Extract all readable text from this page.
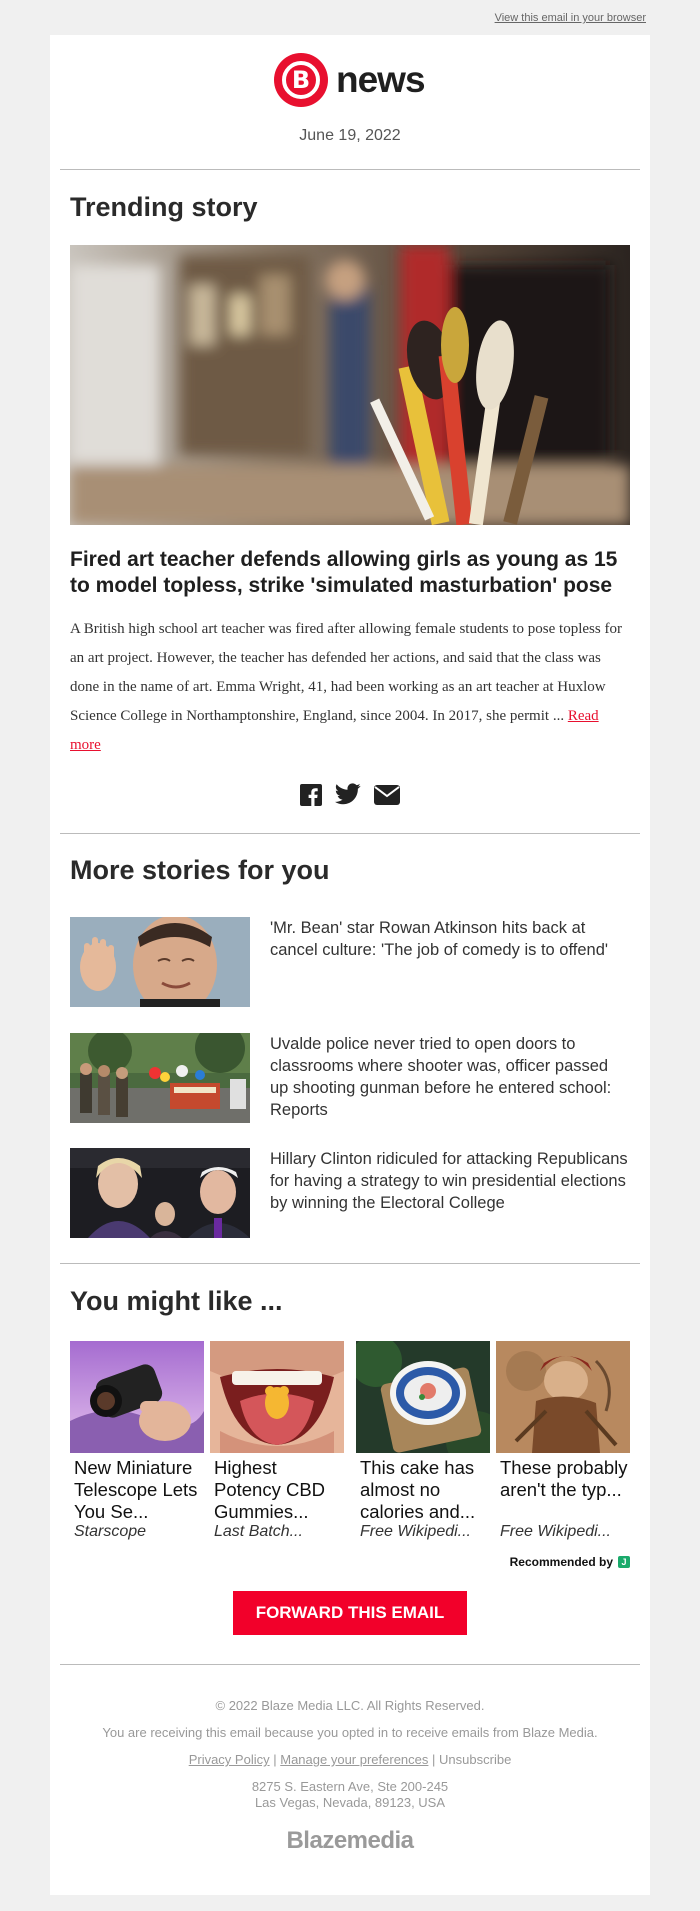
View this email in your browser
B news
June 19, 2022
Trending story
Fired art teacher defends allowing girls as young as 15 to model topless, strike 'simulated masturbation' pose
A British high school art teacher was fired after allowing female students to pose topless for an art project. However, the teacher has defended her actions, and said that the class was done in the name of art. Emma Wright, 41, had been working as an art teacher at Huxlow Science College in Northamptonshire, England, since 2004. In 2017, she permit ... Read more
More stories for you
'Mr. Bean' star Rowan Atkinson hits back at cancel culture: 'The job of comedy is to offend'
Uvalde police never tried to open doors to classrooms where shooter was, officer passed up shooting gunman before he entered school: Reports
Hillary Clinton ridiculed for attacking Republicans for having a strategy to win presidential elections by winning the Electoral College
You might like ...
New Miniature Telescope Lets You Se...
Starscope
Highest Potency CBD Gummies...
Last Batch...
This cake has almost no calories and...
Free Wikipedi...
These probably aren't the typ...
Free Wikipedi...
Recommended by J
FORWARD THIS EMAIL
© 2022 Blaze Media LLC. All Rights Reserved.
You are receiving this email because you opted in to receive emails from Blaze Media.
Privacy Policy | Manage your preferences | Unsubscribe
8275 S. Eastern Ave, Ste 200-245
Las Vegas, Nevada, 89123, USA
Blazemedia
